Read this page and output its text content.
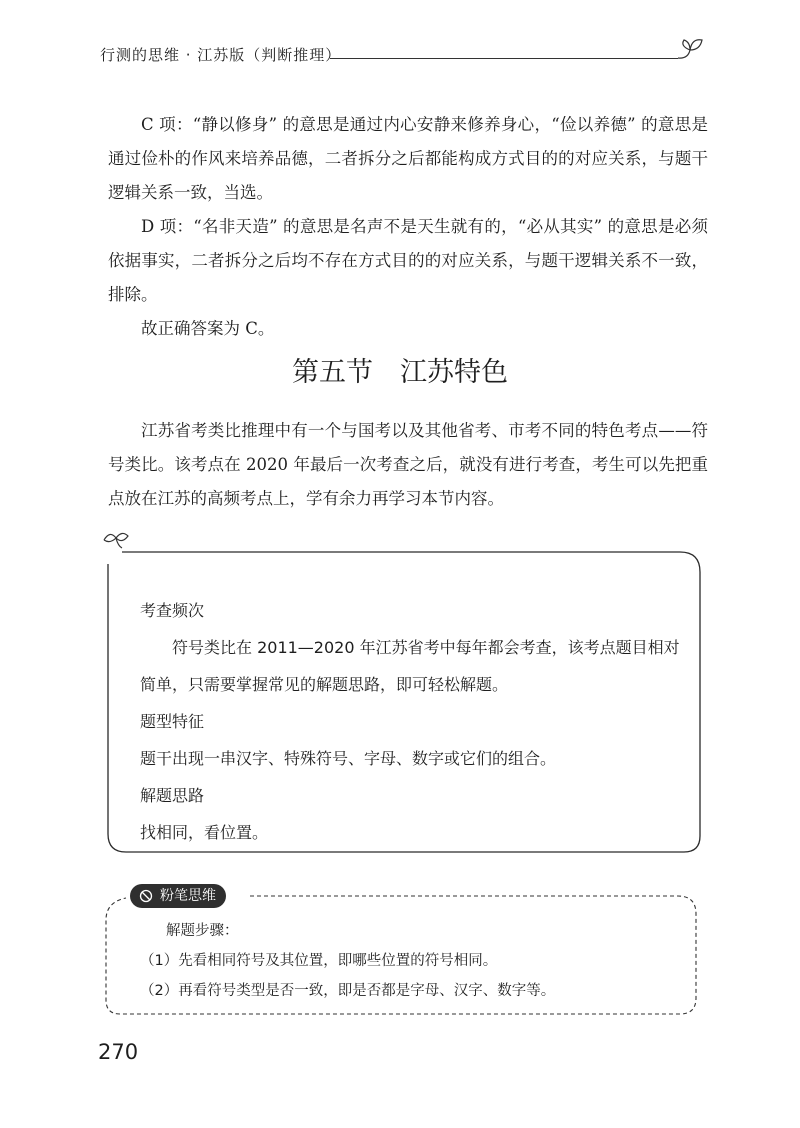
行测的思维 · 江苏版（判断推理）

C 项：“静以修身” 的意思是通过内心安静来修养身心，“俭以养德” 的意思是通过俭朴的作风来培养品德，二者拆分之后都能构成方式目的的对应关系，与题干逻辑关系一致，当选。

D 项：“名非天造” 的意思是名声不是天生就有的，“必从其实” 的意思是必须依据事实，二者拆分之后均不存在方式目的的对应关系，与题干逻辑关系不一致，排除。

故正确答案为 C。

第五节　江苏特色

江苏省考类比推理中有一个与国考以及其他省考、市考不同的特色考点——符号类比。该考点在 2020 年最后一次考查之后，就没有进行考查，考生可以先把重点放在江苏的高频考点上，学有余力再学习本节内容。

考查频次

符号类比在 2011—2020 年江苏省考中每年都会考查，该考点题目相对简单，只需要掌握常见的解题思路，即可轻松解题。

题型特征

题干出现一串汉字、特殊符号、字母、数字或它们的组合。

解题思路

找相同，看位置。

粉笔思维

解题步骤：

（1）先看相同符号及其位置，即哪些位置的符号相同。

（2）再看符号类型是否一致，即是否都是字母、汉字、数字等。

270
